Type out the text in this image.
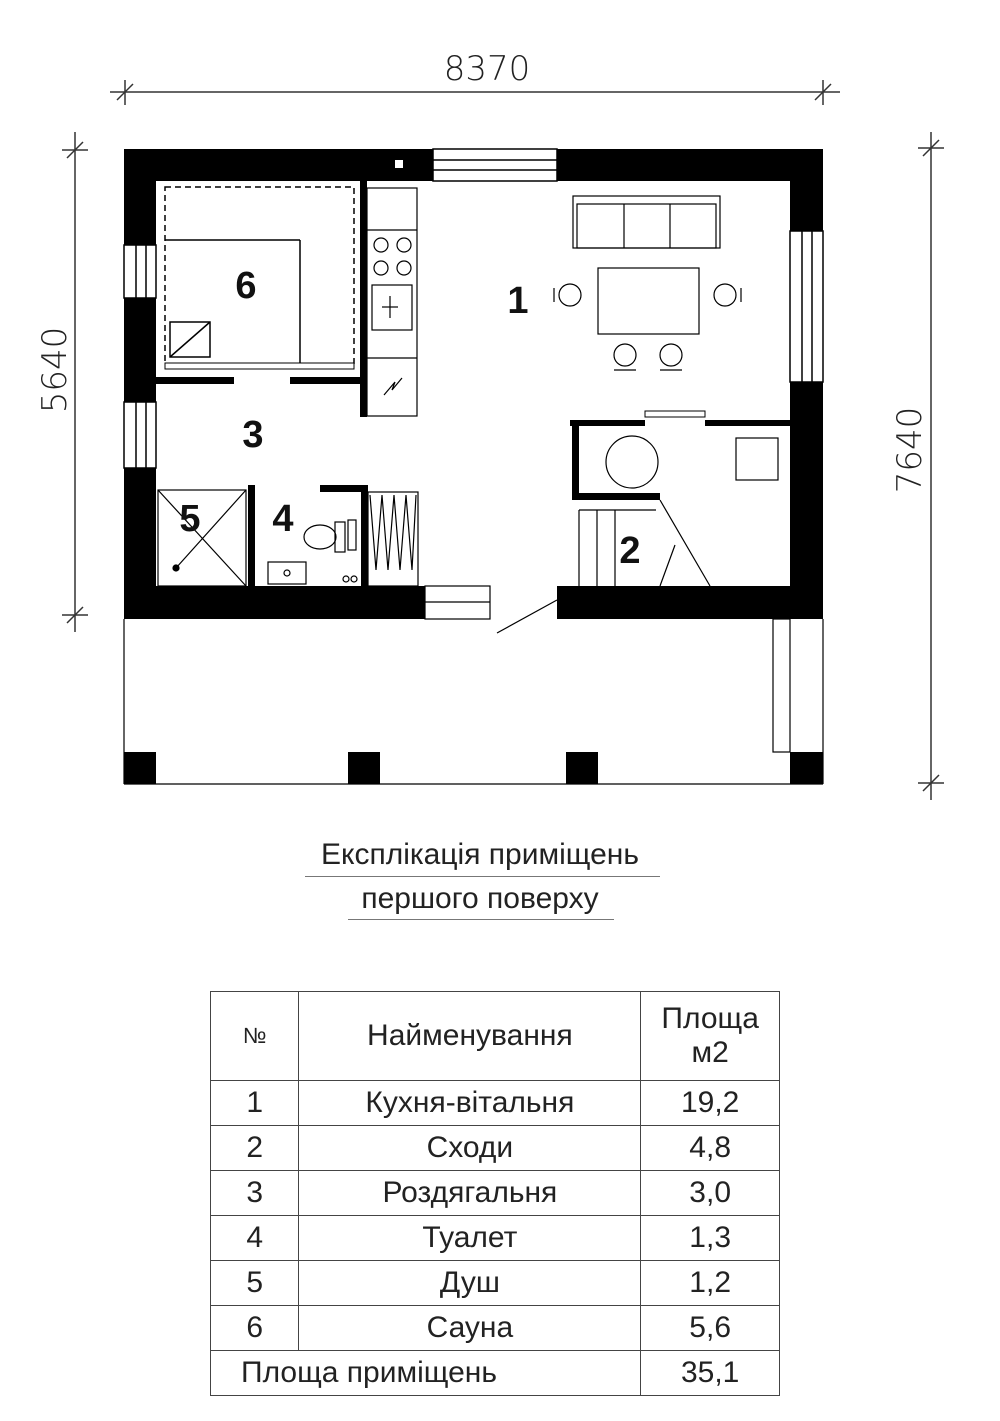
8370
5640
7640
1
2
3
4
5
6
Експлікація приміщень
першого поверху
№	Найменування	Площа м2
1	Кухня-вітальня	19,2
2	Сходи	4,8
3	Роздягальня	3,0
4	Туалет	1,3
5	Душ	1,2
6	Сауна	5,6
Площа приміщень		35,1
